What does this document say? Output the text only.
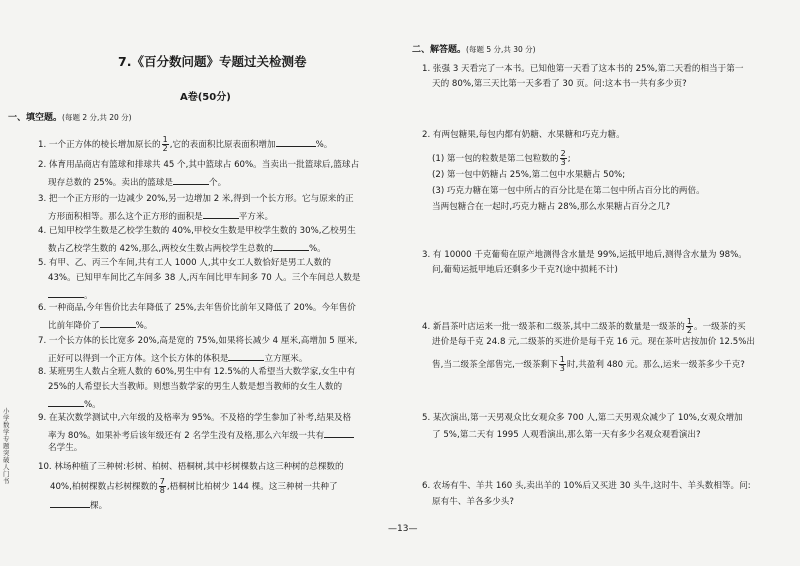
7.《百分数问题》专题过关检测卷
A卷(50分)
一、填空题。(每题 2 分,共 20 分)
1. 一个正方体的棱长增加原长的 $\frac{1}{2}$ ,它的表面积比原表面积增加	%。
2. 体育用品商店有篮球和排球共 45 个,其中篮球占 60%。当卖出一批篮球后,篮球占
现存总数的 25%。卖出的篮球是	个。
3. 把一个正方形的一边减少 20%,另一边增加 2 米,得到一个长方形。它与原来的正
方形面积相等。那么这个正方形的面积是	平方米。
4. 已知甲校学生数是乙校学生数的 40%,甲校女生数是甲校学生数的 30%,乙校男生
数占乙校学生数的 42%,那么,两校女生数占两校学生总数的	%。
5. 有甲、乙、丙三个车间,共有工人 1000 人,其中女工人数恰好是男工人数的
43%。已知甲车间比乙车间多 38 人,丙车间比甲车间多 70 人。三个车间总人数是
。
6. 一种商品,今年售价比去年降低了 25%,去年售价比前年又降低了 20%。今年售价
比前年降价了	%。
7. 一个长方体的长比宽多 20%,高是宽的 75%,如果将长减少 4 厘米,高增加 5 厘米,
正好可以得到一个正方体。这个长方体的体积是	立方厘米。
8. 某班男生人数占全班人数的 60%,男生中有 12.5%的人希望当大数学家,女生中有
25%的人希望长大当教师。则想当数学家的男生人数是想当教师的女生人数的
%。
9. 在某次数学测试中,六年级的及格率为 95%。不及格的学生参加了补考,结果及格
率为 80%。如果补考后该年级还有 2 名学生没有及格,那么六年级一共有
名学生。
10. 林场种植了三种树:杉树、柏树、梧桐树,其中杉树棵数占这三种树的总棵数的
40%,柏树棵数占杉树棵数的 $\frac{7}{8}$ ,梧桐树比柏树少 144 棵。这三种树一共种了
棵。
二、解答题。(每题 5 分,共 30 分)
1. 张强 3 天看完了一本书。已知他第一天看了这本书的 25%,第二天看的相当于第一
天的 80%,第三天比第一天多看了 30 页。问:这本书一共有多少页?
2. 有两包糖果,每包内都有奶糖、水果糖和巧克力糖。
(1) 第一包的粒数是第二包粒数的 $\frac{2}{3}$ ;
(2) 第一包中奶糖占 25%,第二包中水果糖占 50%;
(3) 巧克力糖在第一包中所占的百分比是在第二包中所占百分比的两倍。
当两包糖合在一起时,巧克力糖占 28%,那么水果糖占百分之几?
3. 有 10000 千克葡萄在原产地测得含水量是 99%,运抵甲地后,测得含水量为 98%。
问,葡萄运抵甲地后还剩多少千克?(途中损耗不计)
4. 新昌茶叶店运来一批一级茶和二级茶,其中二级茶的数量是一级茶的 $\frac{1}{2}$ 。一级茶的买
进价是每千克 24.8 元,二级茶的买进价是每千克 16 元。现在茶叶店按加价 12.5%出
售,当二级茶全部售完,一级茶剩下 $\frac{1}{3}$ 时,共盈利 480 元。那么,运来一级茶多少千克?
5. 某次演出,第一天男观众比女观众多 700 人,第二天男观众减少了 10%,女观众增加
了 5%,第二天有 1995 人观看演出,那么第一天有多少名观众观看演出?
6. 农场有牛、羊共 160 头,卖出羊的 10%后又买进 30 头牛,这时牛、羊头数相等。问:
原有牛、羊各多少头?
—13—
小学数学专题突破人门书
